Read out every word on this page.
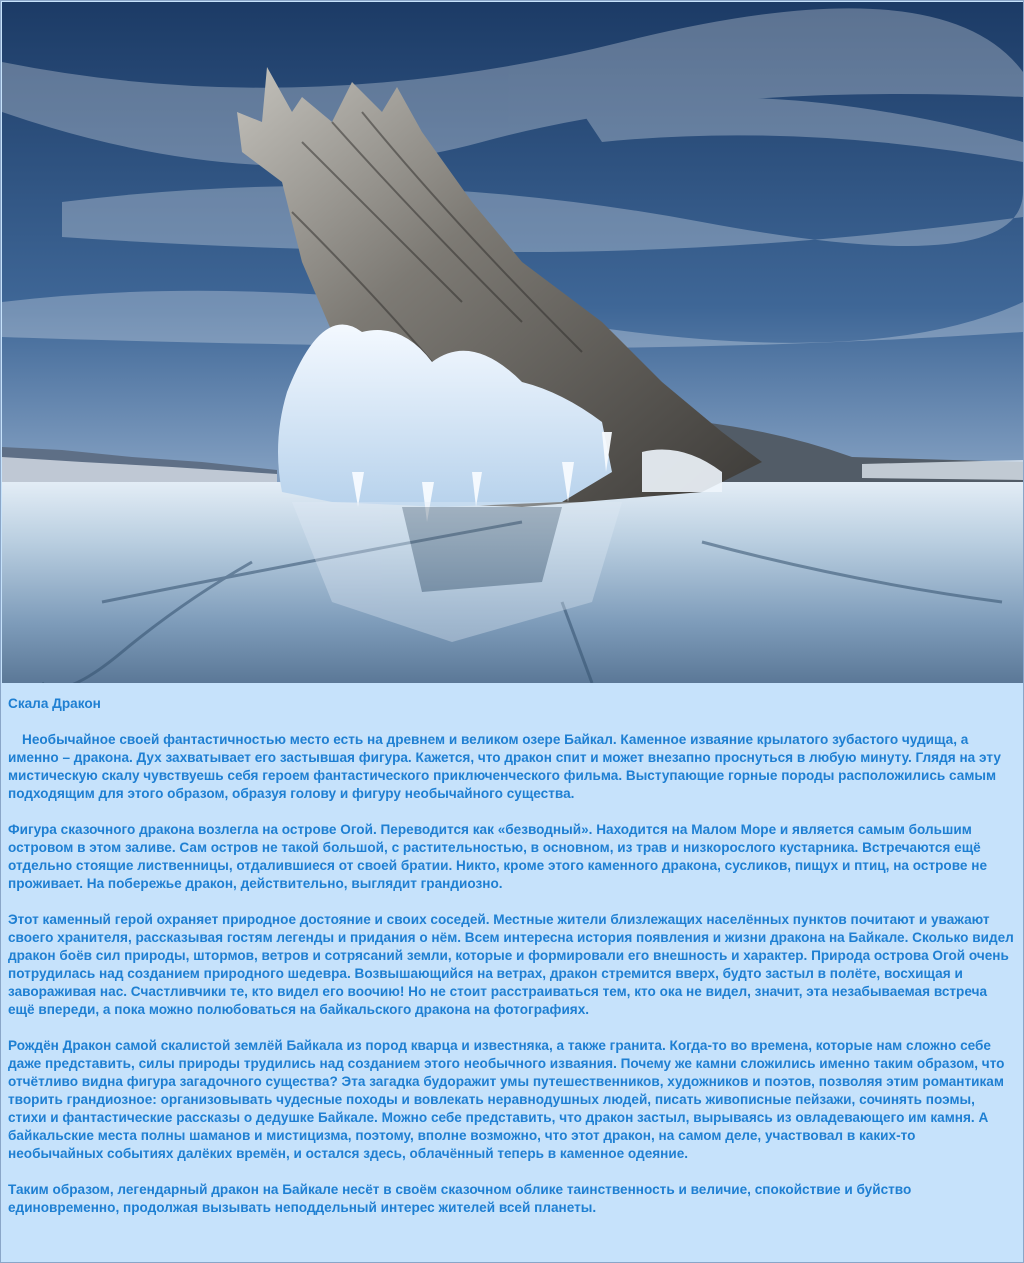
Скала Дракон
Необычайное своей фантастичностью место есть на древнем и великом озере Байкал. Каменное изваяние крылатого зубастого чудища, а именно – дракона. Дух захватывает его застывшая фигура. Кажется, что дракон спит и может внезапно проснуться в любую минуту. Глядя на эту мистическую скалу чувствуешь себя героем фантастического приключенческого фильма. Выступающие горные породы расположились самым подходящим для этого образом, образуя голову и фигуру необычайного существа.
Фигура сказочного дракона возлегла на острове Огой. Переводится как «безводный». Находится на Малом Море и является самым большим островом в этом заливе. Сам остров не такой большой, с растительностью, в основном, из трав и низкорослого кустарника. Встречаются ещё отдельно стоящие лиственницы, отдалившиеся от своей братии. Никто, кроме этого каменного дракона, сусликов, пищух и птиц, на острове не проживает. На побережье дракон, действительно, выглядит грандиозно.
Этот каменный герой охраняет природное достояние и своих соседей. Местные жители близлежащих населённых пунктов почитают и уважают своего хранителя, рассказывая гостям легенды и придания о нём. Всем интересна история появления и жизни дракона на Байкале. Сколько видел дракон боёв сил природы, штормов, ветров и сотрясаний земли, которые и формировали его внешность и характер. Природа острова Огой очень потрудилась над созданием природного шедевра. Возвышающийся на ветрах, дракон стремится вверх, будто застыл в полёте, восхищая и завораживая нас. Счастливчики те, кто видел его воочию! Но не стоит расстраиваться тем, кто ока не видел, значит, эта незабываемая встреча ещё впереди, а пока можно полюбоваться на байкальского дракона на фотографиях.
Рождён Дракон самой скалистой землёй Байкала из пород кварца и известняка, а также гранита. Когда-то во времена, которые нам сложно себе даже представить, силы природы трудились над созданием этого необычного изваяния. Почему же камни сложились именно таким образом, что отчётливо видна фигура загадочного существа? Эта загадка будоражит умы путешественников, художников и поэтов, позволяя этим романтикам творить грандиозное: организовывать чудесные походы и вовлекать неравнодушных людей, писать живописные пейзажи, сочинять поэмы, стихи и фантастические рассказы о дедушке Байкале. Можно себе представить, что дракон застыл, вырываясь из овладевающего им камня. А байкальские места полны шаманов и мистицизма, поэтому, вполне возможно, что этот дракон, на самом деле, участвовал в каких-то необычайных событиях далёких времён, и остался здесь, облачённый теперь в каменное одеяние.
Таким образом, легендарный дракон на Байкале несёт в своём сказочном облике таинственность и величие, спокойствие и буйство единовременно, продолжая вызывать неподдельный интерес жителей всей планеты.
